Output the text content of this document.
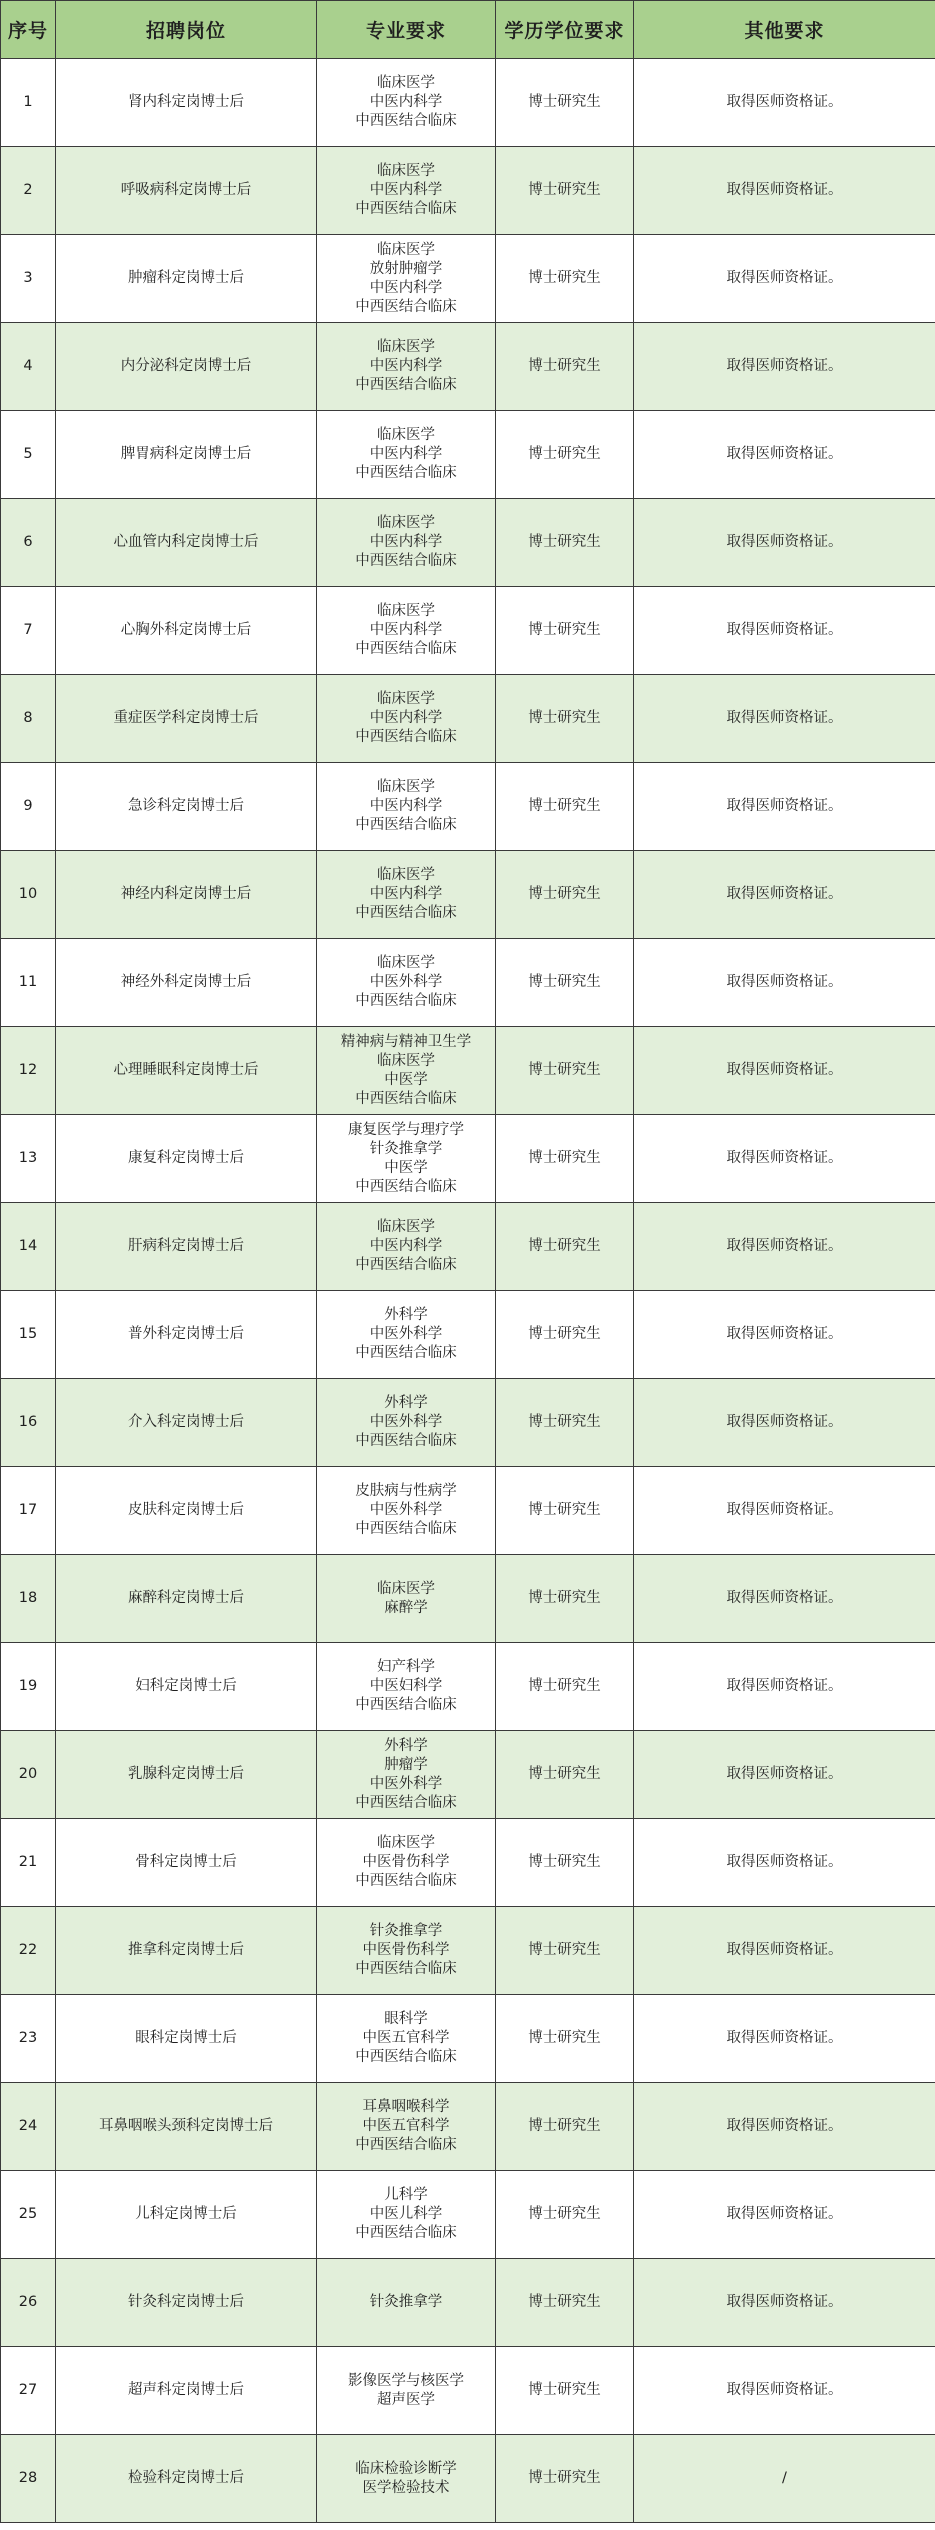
序号	招聘岗位	专业要求	学历学位要求	其他要求
1	肾内科定岗博士后	临床医学
中医内科学
中西医结合临床	博士研究生	取得医师资格证。
2	呼吸病科定岗博士后	临床医学
中医内科学
中西医结合临床	博士研究生	取得医师资格证。
3	肿瘤科定岗博士后	临床医学
放射肿瘤学
中医内科学
中西医结合临床	博士研究生	取得医师资格证。
4	内分泌科定岗博士后	临床医学
中医内科学
中西医结合临床	博士研究生	取得医师资格证。
5	脾胃病科定岗博士后	临床医学
中医内科学
中西医结合临床	博士研究生	取得医师资格证。
6	心血管内科定岗博士后	临床医学
中医内科学
中西医结合临床	博士研究生	取得医师资格证。
7	心胸外科定岗博士后	临床医学
中医内科学
中西医结合临床	博士研究生	取得医师资格证。
8	重症医学科定岗博士后	临床医学
中医内科学
中西医结合临床	博士研究生	取得医师资格证。
9	急诊科定岗博士后	临床医学
中医内科学
中西医结合临床	博士研究生	取得医师资格证。
10	神经内科定岗博士后	临床医学
中医内科学
中西医结合临床	博士研究生	取得医师资格证。
11	神经外科定岗博士后	临床医学
中医外科学
中西医结合临床	博士研究生	取得医师资格证。
12	心理睡眠科定岗博士后	精神病与精神卫生学
临床医学
中医学
中西医结合临床	博士研究生	取得医师资格证。
13	康复科定岗博士后	康复医学与理疗学
针灸推拿学
中医学
中西医结合临床	博士研究生	取得医师资格证。
14	肝病科定岗博士后	临床医学
中医内科学
中西医结合临床	博士研究生	取得医师资格证。
15	普外科定岗博士后	外科学
中医外科学
中西医结合临床	博士研究生	取得医师资格证。
16	介入科定岗博士后	外科学
中医外科学
中西医结合临床	博士研究生	取得医师资格证。
17	皮肤科定岗博士后	皮肤病与性病学
中医外科学
中西医结合临床	博士研究生	取得医师资格证。
18	麻醉科定岗博士后	临床医学
麻醉学	博士研究生	取得医师资格证。
19	妇科定岗博士后	妇产科学
中医妇科学
中西医结合临床	博士研究生	取得医师资格证。
20	乳腺科定岗博士后	外科学
肿瘤学
中医外科学
中西医结合临床	博士研究生	取得医师资格证。
21	骨科定岗博士后	临床医学
中医骨伤科学
中西医结合临床	博士研究生	取得医师资格证。
22	推拿科定岗博士后	针灸推拿学
中医骨伤科学
中西医结合临床	博士研究生	取得医师资格证。
23	眼科定岗博士后	眼科学
中医五官科学
中西医结合临床	博士研究生	取得医师资格证。
24	耳鼻咽喉头颈科定岗博士后	耳鼻咽喉科学
中医五官科学
中西医结合临床	博士研究生	取得医师资格证。
25	儿科定岗博士后	儿科学
中医儿科学
中西医结合临床	博士研究生	取得医师资格证。
26	针灸科定岗博士后	针灸推拿学	博士研究生	取得医师资格证。
27	超声科定岗博士后	影像医学与核医学
超声医学	博士研究生	取得医师资格证。
28	检验科定岗博士后	临床检验诊断学
医学检验技术	博士研究生	/
